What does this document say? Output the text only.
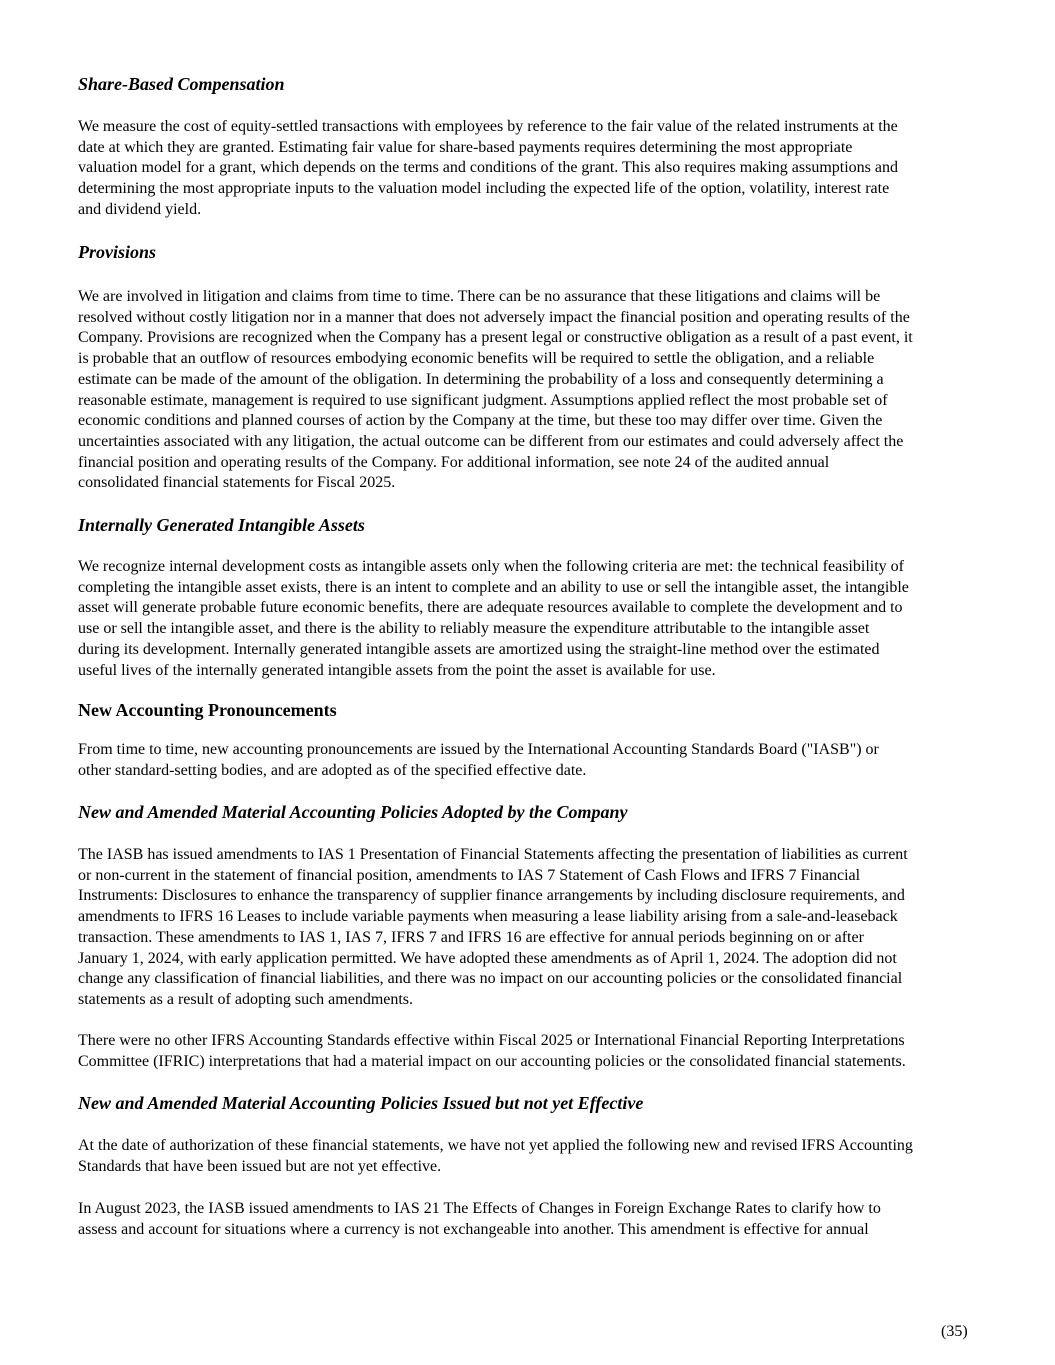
Share-Based Compensation
We measure the cost of equity-settled transactions with employees by reference to the fair value of the related instruments at the
date at which they are granted. Estimating fair value for share-based payments requires determining the most appropriate
valuation model for a grant, which depends on the terms and conditions of the grant. This also requires making assumptions and
determining the most appropriate inputs to the valuation model including the expected life of the option, volatility, interest rate
and dividend yield.
Provisions
We are involved in litigation and claims from time to time. There can be no assurance that these litigations and claims will be
resolved without costly litigation nor in a manner that does not adversely impact the financial position and operating results of the
Company. Provisions are recognized when the Company has a present legal or constructive obligation as a result of a past event, it
is probable that an outflow of resources embodying economic benefits will be required to settle the obligation, and a reliable
estimate can be made of the amount of the obligation. In determining the probability of a loss and consequently determining a
reasonable estimate, management is required to use significant judgment. Assumptions applied reflect the most probable set of
economic conditions and planned courses of action by the Company at the time, but these too may differ over time. Given the
uncertainties associated with any litigation, the actual outcome can be different from our estimates and could adversely affect the
financial position and operating results of the Company. For additional information, see note 24 of the audited annual
consolidated financial statements for Fiscal 2025.
Internally Generated Intangible Assets
We recognize internal development costs as intangible assets only when the following criteria are met: the technical feasibility of
completing the intangible asset exists, there is an intent to complete and an ability to use or sell the intangible asset, the intangible
asset will generate probable future economic benefits, there are adequate resources available to complete the development and to
use or sell the intangible asset, and there is the ability to reliably measure the expenditure attributable to the intangible asset
during its development. Internally generated intangible assets are amortized using the straight-line method over the estimated
useful lives of the internally generated intangible assets from the point the asset is available for use.
New Accounting Pronouncements
From time to time, new accounting pronouncements are issued by the International Accounting Standards Board ("IASB") or
other standard-setting bodies, and are adopted as of the specified effective date.
New and Amended Material Accounting Policies Adopted by the Company
The IASB has issued amendments to IAS 1 Presentation of Financial Statements affecting the presentation of liabilities as current
or non-current in the statement of financial position, amendments to IAS 7 Statement of Cash Flows and IFRS 7 Financial
Instruments: Disclosures to enhance the transparency of supplier finance arrangements by including disclosure requirements, and
amendments to IFRS 16 Leases to include variable payments when measuring a lease liability arising from a sale-and-leaseback
transaction. These amendments to IAS 1, IAS 7, IFRS 7 and IFRS 16 are effective for annual periods beginning on or after
January 1, 2024, with early application permitted. We have adopted these amendments as of April 1, 2024. The adoption did not
change any classification of financial liabilities, and there was no impact on our accounting policies or the consolidated financial
statements as a result of adopting such amendments.
There were no other IFRS Accounting Standards effective within Fiscal 2025 or International Financial Reporting Interpretations
Committee (IFRIC) interpretations that had a material impact on our accounting policies or the consolidated financial statements.
New and Amended Material Accounting Policies Issued but not yet Effective
At the date of authorization of these financial statements, we have not yet applied the following new and revised IFRS Accounting
Standards that have been issued but are not yet effective.
In August 2023, the IASB issued amendments to IAS 21 The Effects of Changes in Foreign Exchange Rates to clarify how to
assess and account for situations where a currency is not exchangeable into another. This amendment is effective for annual
(35)
